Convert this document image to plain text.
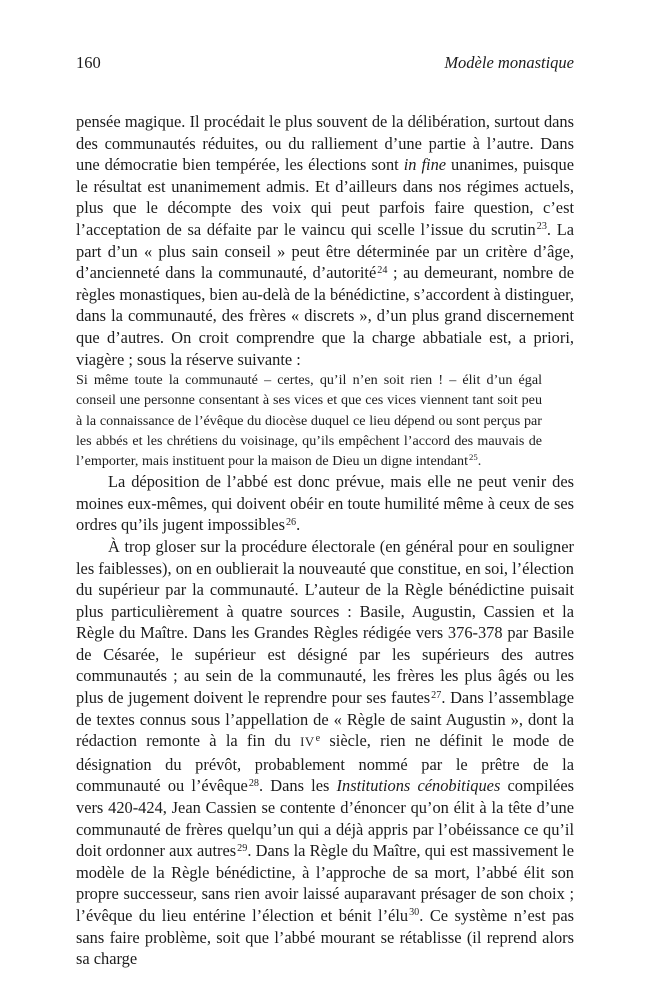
160	Modèle monastique

pensée magique. Il procédait le plus souvent de la délibération, surtout dans des communautés réduites, ou du ralliement d’une partie à l’autre. Dans une démocratie bien tempérée, les élections sont in fine unanimes, puisque le résultat est unanimement admis. Et d’ailleurs dans nos régimes actuels, plus que le décompte des voix qui peut parfois faire question, c’est l’acceptation de sa défaite par le vaincu qui scelle l’issue du scrutin$^{23}$. La part d’un « plus sain conseil » peut être déterminée par un critère d’âge, d’ancienneté dans la communauté, d’autorité$^{24}$ ; au demeurant, nombre de règles monastiques, bien au-delà de la bénédictine, s’accordent à distinguer, dans la communauté, des frères « discrets », d’un plus grand discernement que d’autres. On croit comprendre que la charge abbatiale est, a priori, viagère ; sous la réserve suivante :

Si même toute la communauté – certes, qu’il n’en soit rien ! – élit d’un égal conseil une personne consentant à ses vices et que ces vices viennent tant soit peu à la connaissance de l’évêque du diocèse duquel ce lieu dépend ou sont perçus par les abbés et les chrétiens du voisinage, qu’ils empêchent l’accord des mauvais de l’emporter, mais instituent pour la maison de Dieu un digne intendant$^{25}$.

La déposition de l’abbé est donc prévue, mais elle ne peut venir des moines eux-mêmes, qui doivent obéir en toute humilité même à ceux de ses ordres qu’ils jugent impossibles$^{26}$.

À trop gloser sur la procédure électorale (en général pour en souligner les faiblesses), on en oublierait la nouveauté que constitue, en soi, l’élection du supérieur par la communauté. L’auteur de la Règle bénédictine puisait plus particulièrement à quatre sources : Basile, Augustin, Cassien et la Règle du Maître. Dans les Grandes Règles rédigée vers 376-378 par Basile de Césarée, le supérieur est désigné par les supérieurs des autres communautés ; au sein de la communauté, les frères les plus âgés ou les plus de jugement doivent le reprendre pour ses fautes$^{27}$. Dans l’assemblage de textes connus sous l’appellation de « Règle de saint Augustin », dont la rédaction remonte à la fin du IVe siècle, rien ne définit le mode de désignation du prévôt, probablement nommé par le prêtre de la communauté ou l’évêque$^{28}$. Dans les Institutions cénobitiques compilées vers 420-424, Jean Cassien se contente d’énoncer qu’on élit à la tête d’une communauté de frères quelqu’un qui a déjà appris par l’obéissance ce qu’il doit ordonner aux autres$^{29}$. Dans la Règle du Maître, qui est massivement le modèle de la Règle bénédictine, à l’approche de sa mort, l’abbé élit son propre successeur, sans rien avoir laissé auparavant présager de son choix ; l’évêque du lieu entérine l’élection et bénit l’élu$^{30}$. Ce système n’est pas sans faire problème, soit que l’abbé mourant se rétablisse (il reprend alors sa charge
